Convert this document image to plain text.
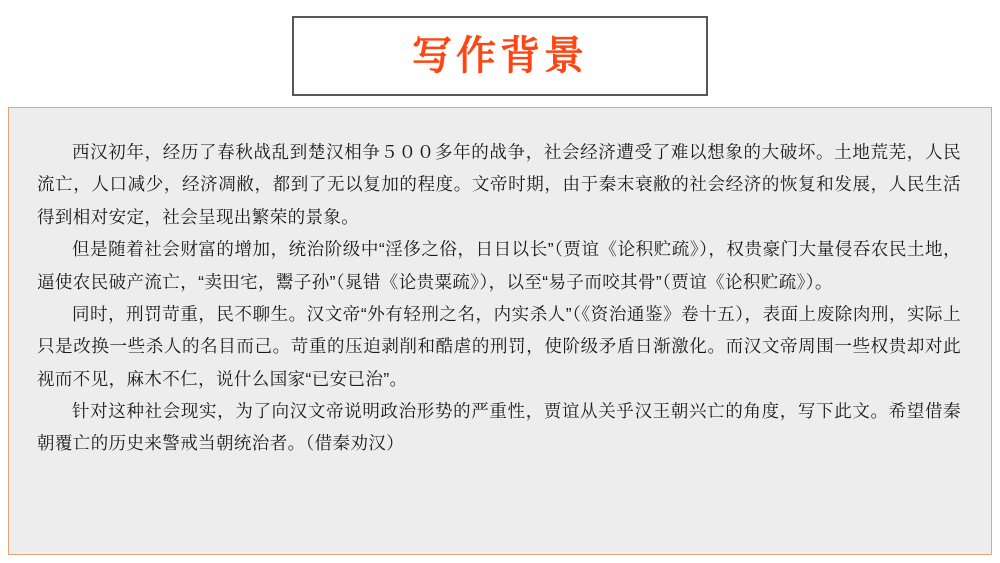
写作背景

西汉初年，经历了春秋战乱到楚汉相争５００多年的战争，社会经济遭受了难以想象的大破坏。土地荒芜，人民流亡，人口减少，经济凋敝，都到了无以复加的程度。文帝时期，由于秦末衰敝的社会经济的恢复和发展，人民生活得到相对安定，社会呈现出繁荣的景象。

但是随着社会财富的增加，统治阶级中“淫侈之俗，日日以长”（贾谊《论积贮疏》），权贵豪门大量侵吞农民土地，逼使农民破产流亡，“卖田宅，鬻子孙”（晁错《论贵粟疏》），以至“易子而咬其骨”（贾谊《论积贮疏》）。

同时，刑罚苛重，民不聊生。汉文帝“外有轻刑之名，内实杀人”（《资治通鉴》卷十五），表面上废除肉刑，实际上只是改换一些杀人的名目而己。苛重的压迫剥削和酷虐的刑罚，使阶级矛盾日渐激化。而汉文帝周围一些权贵却对此视而不见，麻木不仁，说什么国家“已安已治”。

针对这种社会现实，为了向汉文帝说明政治形势的严重性，贾谊从关乎汉王朝兴亡的角度，写下此文。希望借秦朝覆亡的历史来警戒当朝统治者。（借秦劝汉）
